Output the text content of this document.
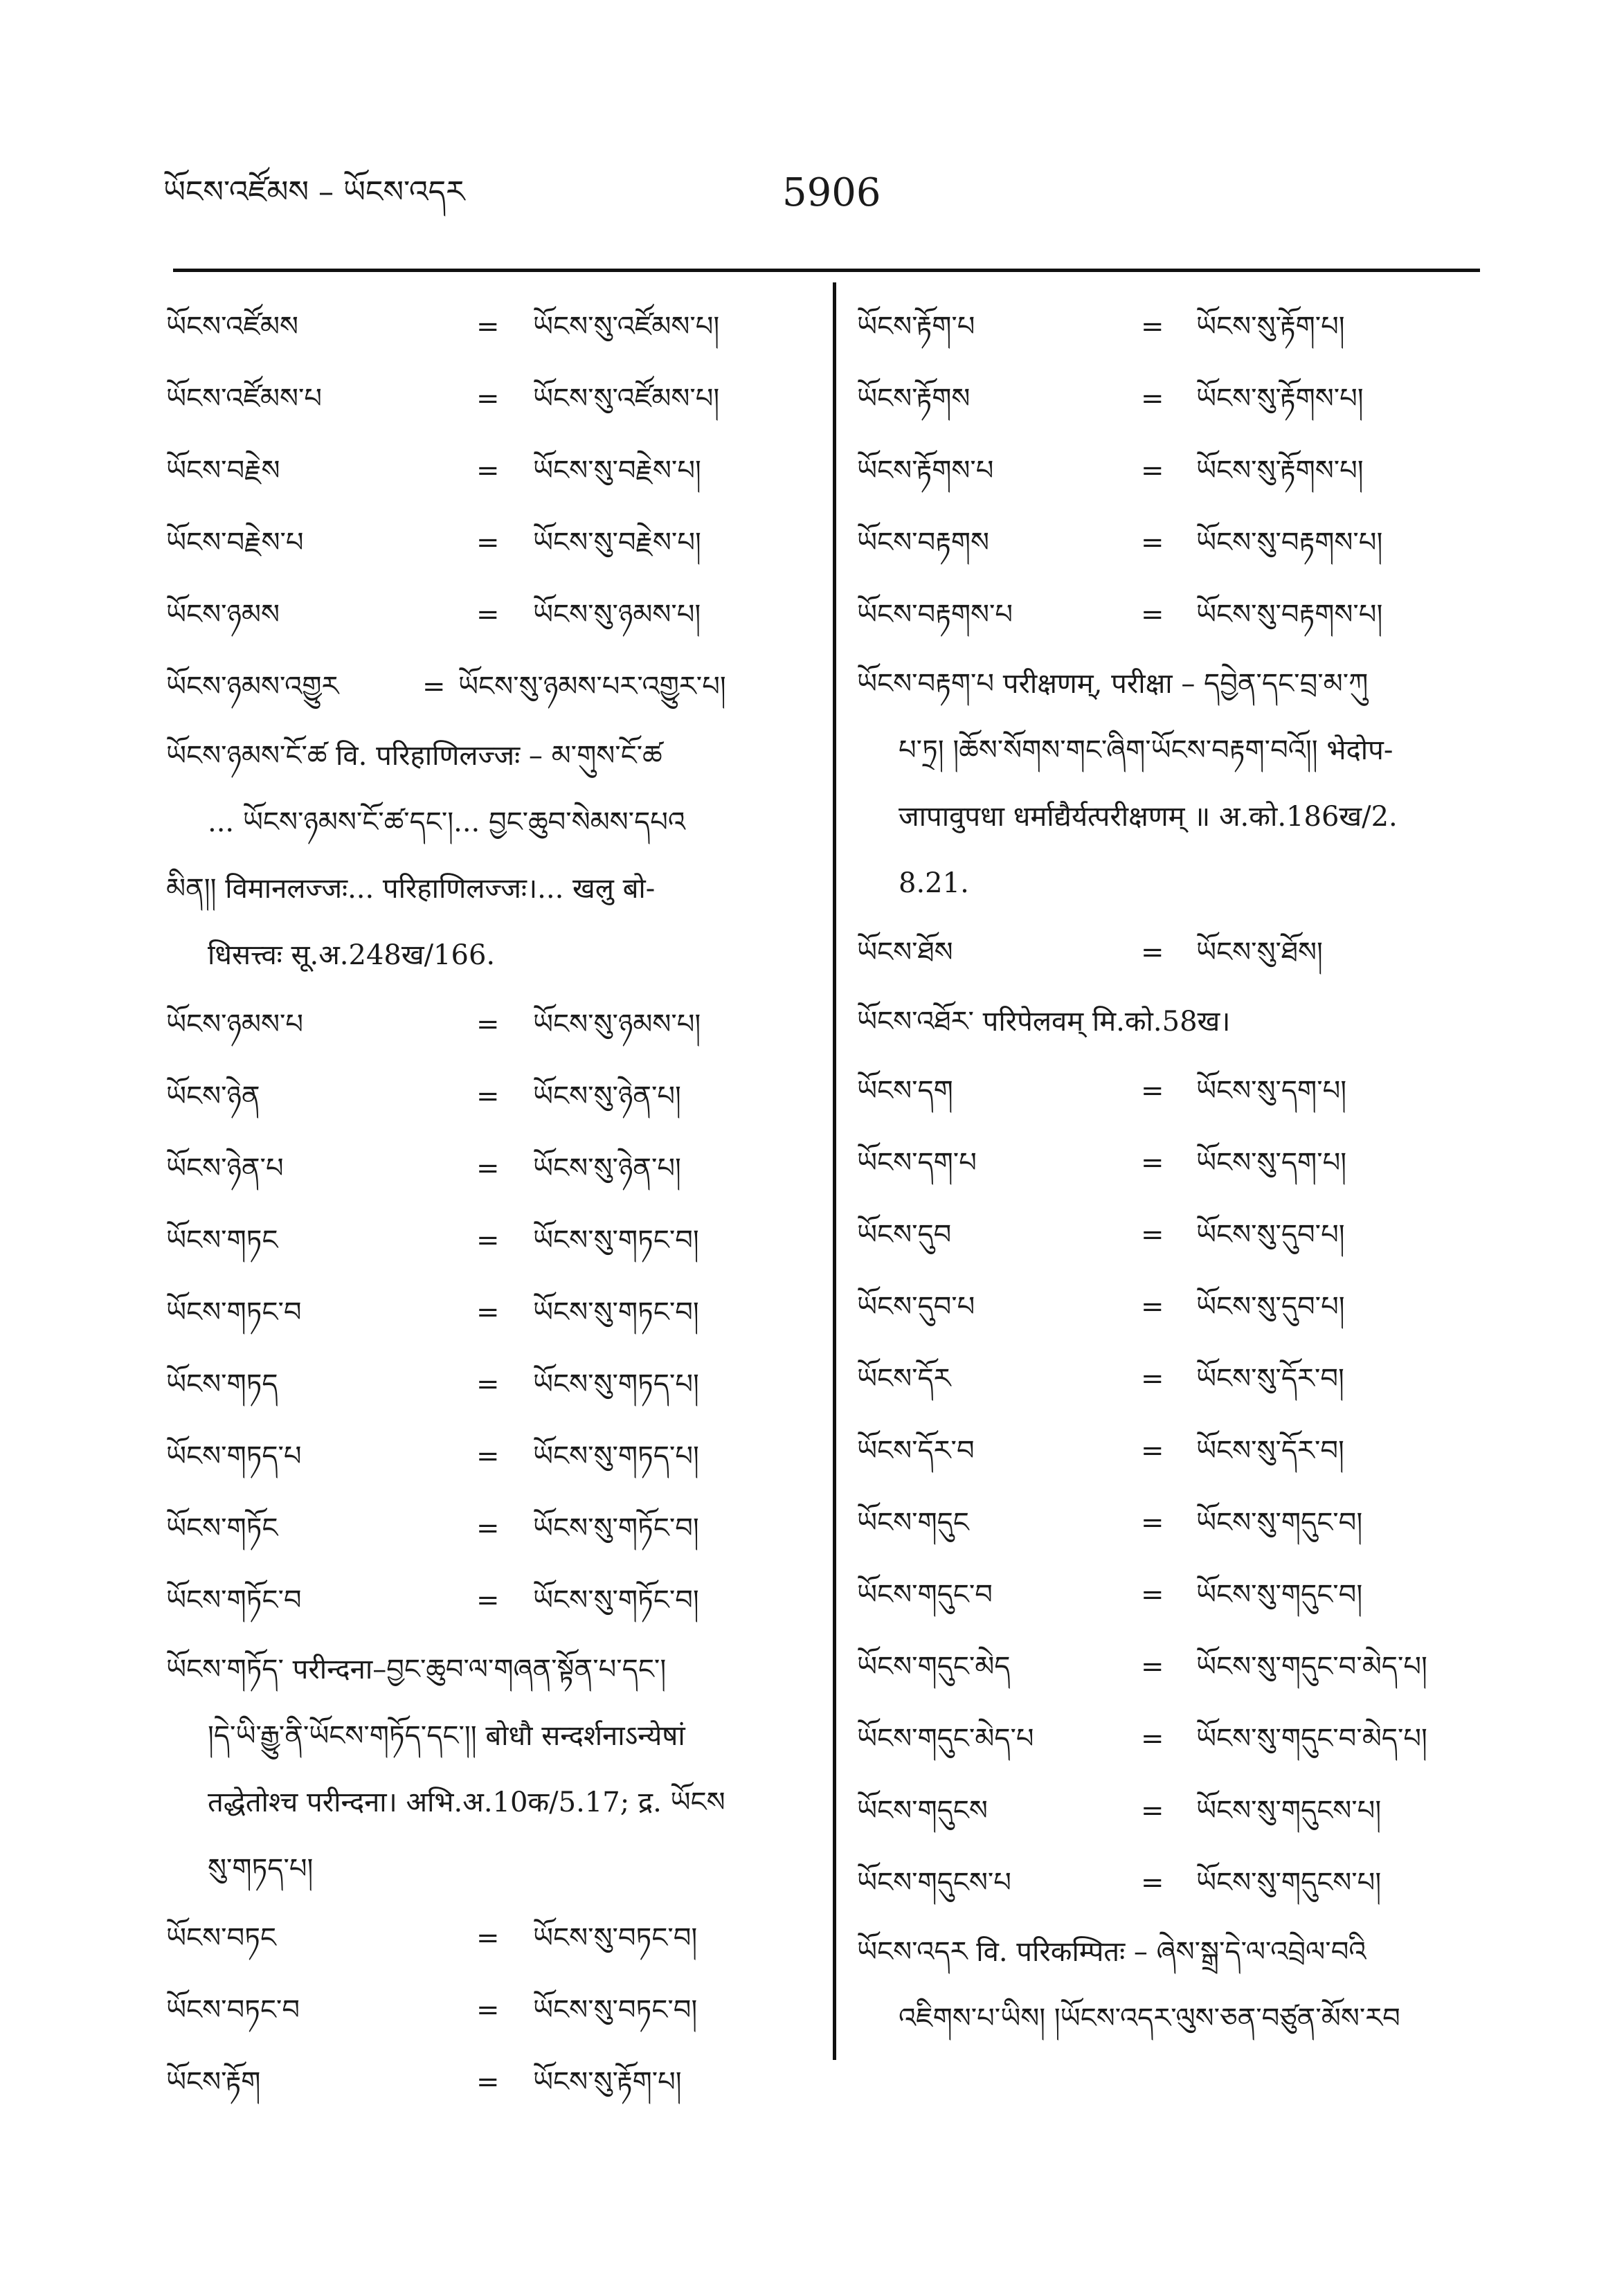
ཡོངས་འཛོམས – ཡོངས་འདར	5906
ཡོངས་འཛོམས	= ཡོངས་སུ་འཛོམས་པ།
ཡོངས་འཛོམས་པ	= ཡོངས་སུ་འཛོམས་པ།
ཡོངས་བརྗེས	= ཡོངས་སུ་བརྗེས་པ།
ཡོངས་བརྗེས་པ	= ཡོངས་སུ་བརྗེས་པ།
ཡོངས་ཉམས	= ཡོངས་སུ་ཉམས་པ།
ཡོངས་ཉམས་འགྱུར	= ཡོངས་སུ་ཉམས་པར་འགྱུར་པ།
ཡོངས་ཉམས་ངོ་ཚ वि. परिहाणिलज्जः – མ་གུས་ངོ་ཚ
... ཡོངས་ཉམས་ངོ་ཚ་དང་།... བྱང་ཆུབ་སེམས་དཔའ
མིན།། विमानलज्जः... परिहाणिलज्जः।... खलु बो-
धिसत्त्वः सू.अ.248ख/166.
ཡོངས་ཉམས་པ	= ཡོངས་སུ་ཉམས་པ།
ཡོངས་ཉེན	= ཡོངས་སུ་ཉེན་པ།
ཡོངས་ཉེན་པ	= ཡོངས་སུ་ཉེན་པ།
ཡོངས་གཏང	= ཡོངས་སུ་གཏང་བ།
ཡོངས་གཏང་བ	= ཡོངས་སུ་གཏང་བ།
ཡོངས་གཏད	= ཡོངས་སུ་གཏད་པ།
ཡོངས་གཏད་པ	= ཡོངས་སུ་གཏད་པ།
ཡོངས་གཏོང	= ཡོངས་སུ་གཏོང་བ།
ཡོངས་གཏོང་བ	= ཡོངས་སུ་གཏོང་བ།
ཡོངས་གཏོད་ परीन्दना–བྱང་ཆུབ་ལ་གཞན་སྟོན་པ་དང་།
།དེ་ཡི་རྒྱུ་ནི་ཡོངས་གཏོད་དང་།། बोधौ सन्दर्शनाऽन्येषां
तद्धेतोश्च परीन्दना। अभि.अ.10क/5.17; द्र. ཡོངས
སུ་གཏད་པ།
ཡོངས་བཏང	= ཡོངས་སུ་བཏང་བ།
ཡོངས་བཏང་བ	= ཡོངས་སུ་བཏང་བ།
ཡོངས་རྟོག	= ཡོངས་སུ་རྟོག་པ།
ཡོངས་རྟོག་པ	= ཡོངས་སུ་རྟོག་པ།
ཡོངས་རྟོགས	= ཡོངས་སུ་རྟོགས་པ།
ཡོངས་རྟོགས་པ	= ཡོངས་སུ་རྟོགས་པ།
ཡོངས་བརྟགས	= ཡོངས་སུ་བརྟགས་པ།
ཡོངས་བརྟགས་པ	= ཡོངས་སུ་བརྟགས་པ།
ཡོངས་བརྟག་པ परीक्षणम्, परीक्षा – དབྱེན་དང་བྲ་མ་ཀུ
པ་ཏྲ། །ཆོས་སོགས་གང་ཞིག་ཡོངས་བརྟག་བའོ།། भेदोप-
जापावुपधा धर्माद्यैर्यत्परीक्षणम् ॥ अ.को.186ख/2.
8.21.
ཡོངས་ཐོས	= ཡོངས་སུ་ཐོས།
ཡོངས་འཐོར་ परिपेलवम् मि.को.58ख।
ཡོངས་དག	= ཡོངས་སུ་དག་པ།
ཡོངས་དག་པ	= ཡོངས་སུ་དག་པ།
ཡོངས་དུབ	= ཡོངས་སུ་དུབ་པ།
ཡོངས་དུབ་པ	= ཡོངས་སུ་དུབ་པ།
ཡོངས་དོར	= ཡོངས་སུ་དོར་བ།
ཡོངས་དོར་བ	= ཡོངས་སུ་དོར་བ།
ཡོངས་གདུང	= ཡོངས་སུ་གདུང་བ།
ཡོངས་གདུང་བ	= ཡོངས་སུ་གདུང་བ།
ཡོངས་གདུང་མེད	= ཡོངས་སུ་གདུང་བ་མེད་པ།
ཡོངས་གདུང་མེད་པ	= ཡོངས་སུ་གདུང་བ་མེད་པ།
ཡོངས་གདུངས	= ཡོངས་སུ་གདུངས་པ།
ཡོངས་གདུངས་པ	= ཡོངས་སུ་གདུངས་པ།
ཡོངས་འདར वि. परिकम्पितः – ཞེས་སྒྲ་དེ་ལ་འབྲེལ་བའི
འཇིགས་པ་ཡིས། །ཡོངས་འདར་ལུས་ཅན་བཙུན་མོས་རབ
